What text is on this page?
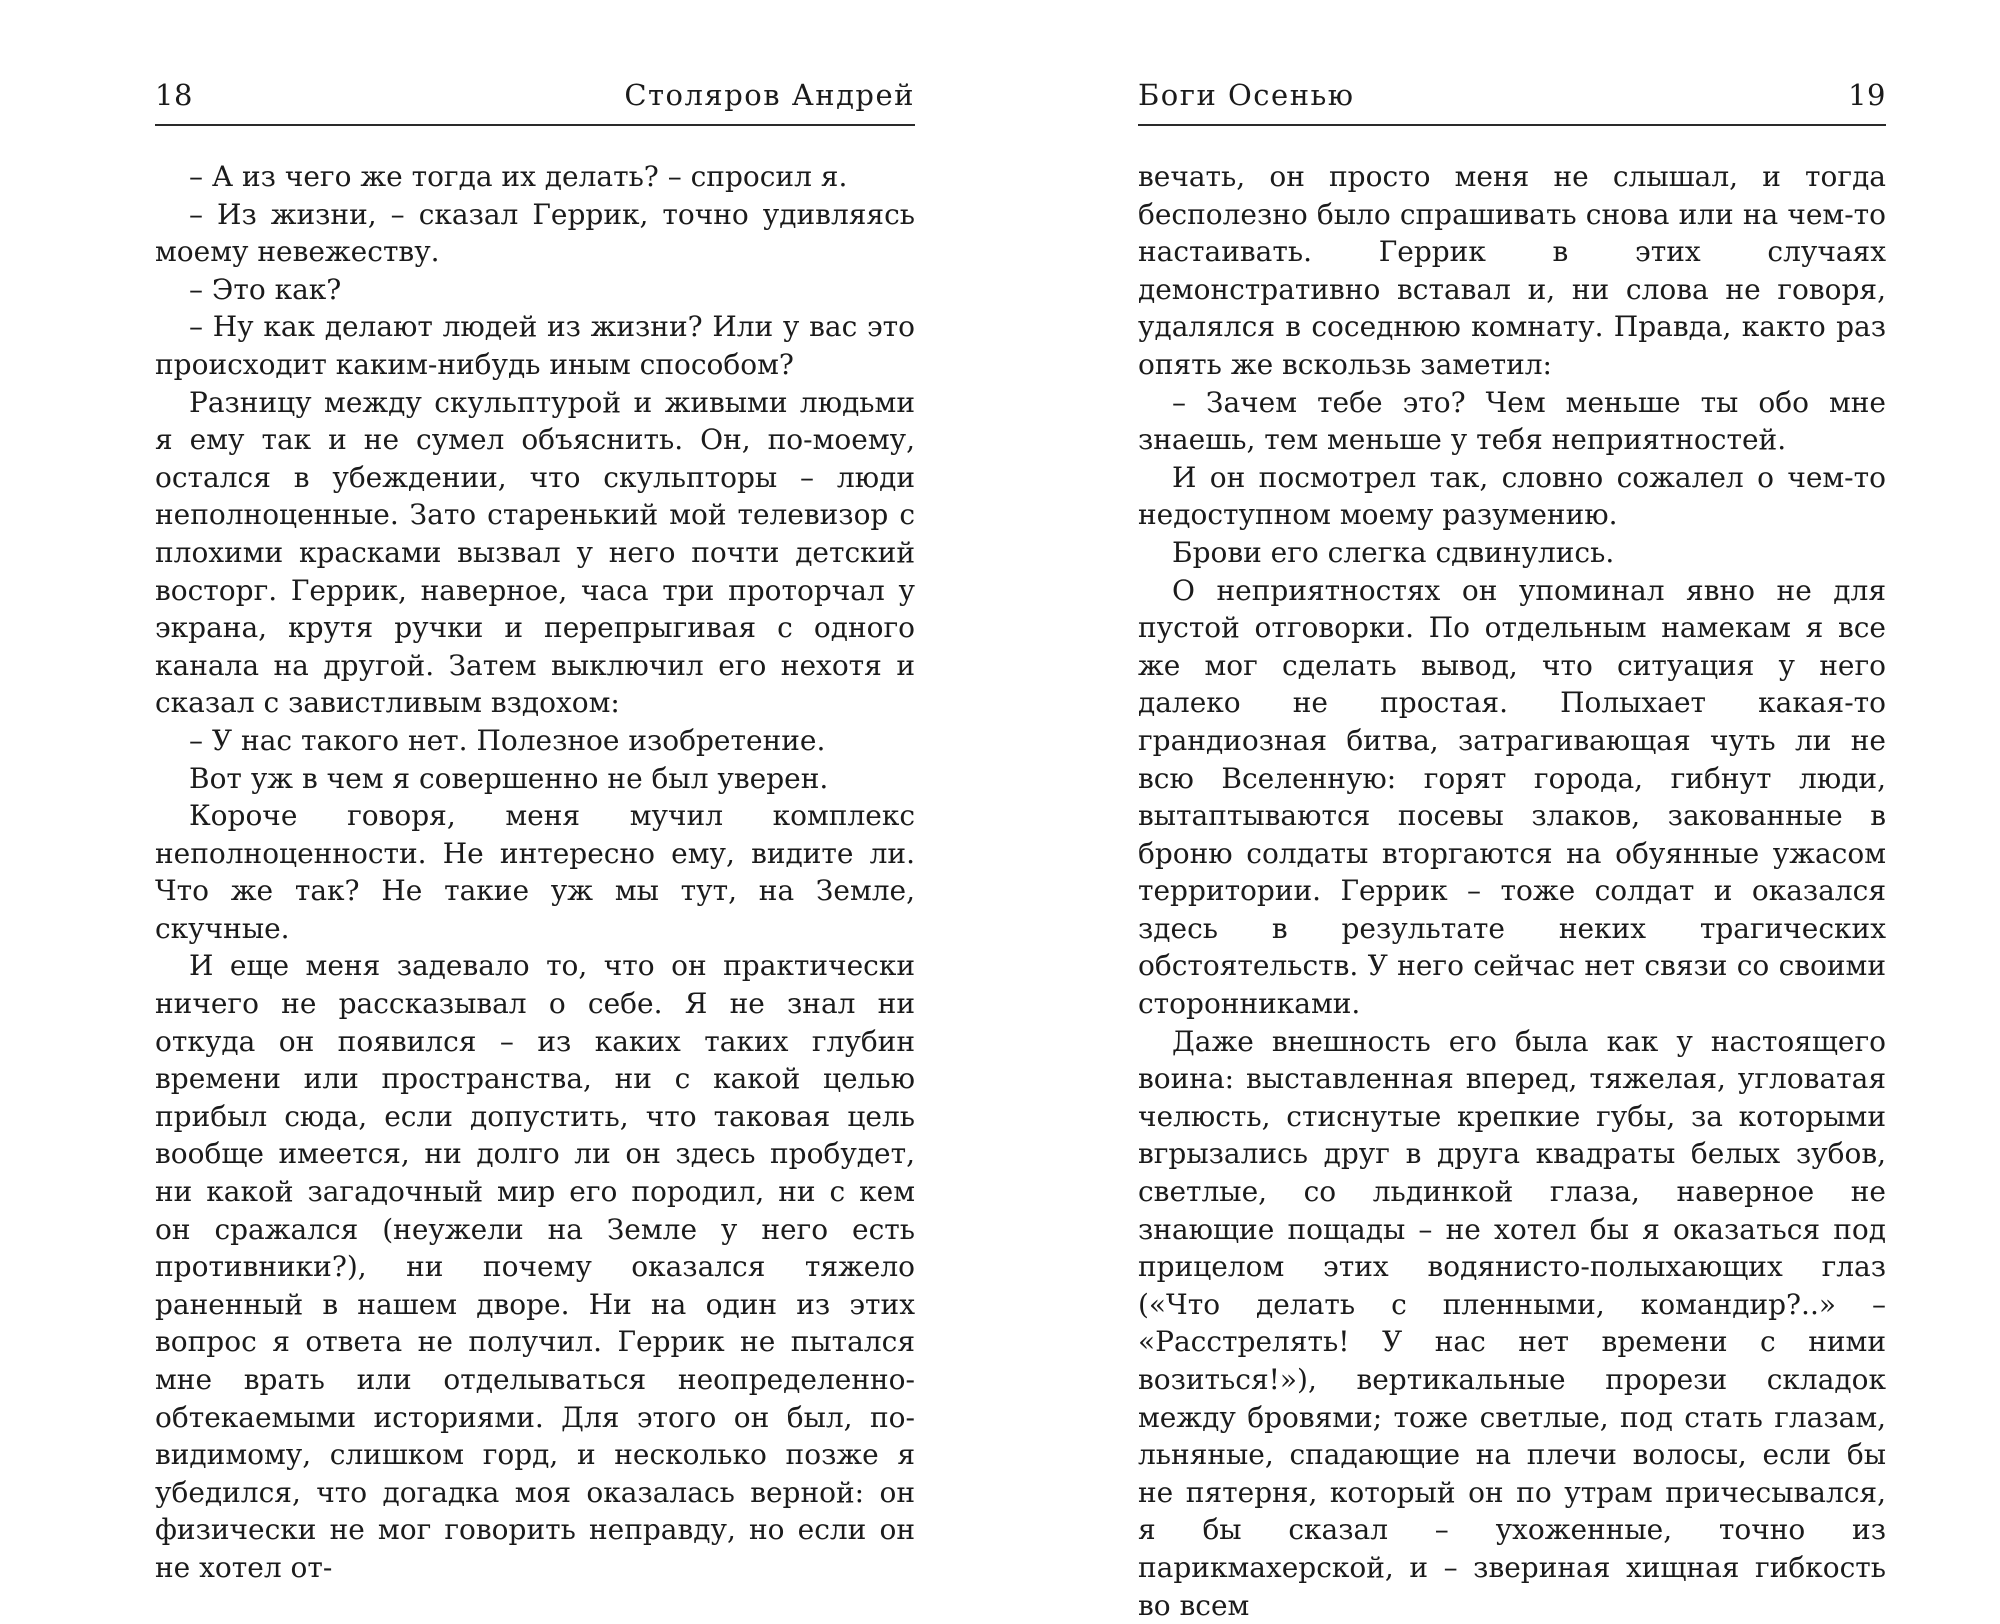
18	Столяров Андрей

– А из чего же тогда их делать? – спросил я.

– Из жизни, – сказал Геррик, точно удивляясь моему невежеству.

– Это как?

– Ну как делают людей из жизни? Или у вас это происходит каким-нибудь иным способом?

Разницу между скульптурой и живыми людьми я ему так и не сумел объяснить. Он, по-моему, остался в убеждении, что скульпторы – люди неполноценные. Зато старенький мой телевизор с плохими красками вызвал у него почти детский восторг. Геррик, наверное, часа три проторчал у экрана, крутя ручки и перепрыгивая с одного канала на другой. Затем выключил его нехотя и сказал с завистливым вздохом:

– У нас такого нет. Полезное изобретение.

Вот уж в чем я совершенно не был уверен.

Короче говоря, меня мучил комплекс неполноценности. Не интересно ему, видите ли. Что же так? Не такие уж мы тут, на Земле, скучные.

И еще меня задевало то, что он практически ничего не рассказывал о себе. Я не знал ни откуда он появился – из каких таких глубин времени или пространства, ни с какой целью прибыл сюда, если допустить, что таковая цель вообще имеется, ни долго ли он здесь пробудет, ни какой загадочный мир его породил, ни с кем он сражался (неужели на Земле у него есть противники?), ни почему оказался тяжело раненный в нашем дворе. Ни на один из этих вопрос я ответа не получил. Геррик не пытался мне врать или отделываться неопределенно-обтекаемыми историями. Для этого он был, по-видимому, слишком горд, и несколько позже я убедился, что догадка моя оказалась верной: он физически не мог говорить неправду, но если он не хотел от-

Боги Осенью	19

вечать, он просто меня не слышал, и тогда бесполезно было спрашивать снова или на чем-то настаивать. Геррик в этих случаях демонстративно вставал и, ни слова не говоря, удалялся в соседнюю комнату. Правда, както раз опять же вскользь заметил:

– Зачем тебе это? Чем меньше ты обо мне знаешь, тем меньше у тебя неприятностей.

И он посмотрел так, словно сожалел о чем-то недоступном моему разумению.

Брови его слегка сдвинулись.

О неприятностях он упоминал явно не для пустой отговорки. По отдельным намекам я все же мог сделать вывод, что ситуация у него далеко не простая. Полыхает какая-то грандиозная битва, затрагивающая чуть ли не всю Вселенную: горят города, гибнут люди, вытаптываются посевы злаков, закованные в броню солдаты вторгаются на обуянные ужасом территории. Геррик – тоже солдат и оказался здесь в результате неких трагических обстоятельств. У него сейчас нет связи со своими сторонниками.

Даже внешность его была как у настоящего воина: выставленная вперед, тяжелая, угловатая челюсть, стиснутые крепкие губы, за которыми вгрызались друг в друга квадраты белых зубов, светлые, со льдинкой глаза, наверное не знающие пощады – не хотел бы я оказаться под прицелом этих водянисто-полыхающих глаз («Что делать с пленными, командир?..» – «Расстрелять! У нас нет времени с ними возиться!»), вертикальные прорези складок между бровями; тоже светлые, под стать глазам, льняные, спадающие на плечи волосы, если бы не пятерня, который он по утрам причесывался, я бы сказал – ухоженные, точно из парикмахерской, и – звериная хищная гибкость во всем
